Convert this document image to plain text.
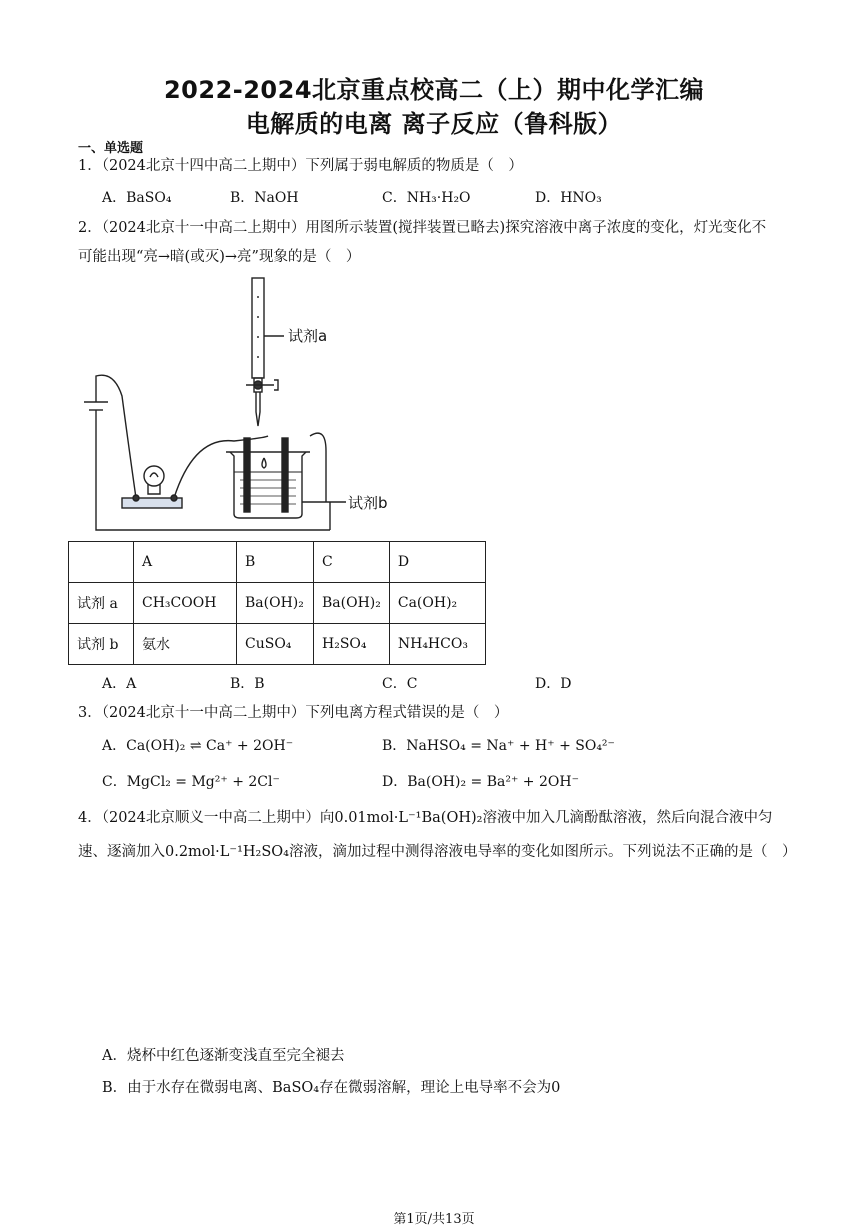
2022-2024北京重点校高二（上）期中化学汇编
电解质的电离 离子反应（鲁科版）
一、单选题
1．（2024北京十四中高二上期中）下列属于弱电解质的物质是（　）
A．BaSO₄	B．NaOH	C．NH₃·H₂O	D．HNO₃
2．（2024北京十一中高二上期中）用图所示装置(搅拌装置已略去)探究溶液中离子浓度的变化，灯光变化不
可能出现“亮→暗(或灭)→亮”现象的是（　）
试剂a
试剂b
	A	B	C	D
试剂 a	CH₃COOH	Ba(OH)₂	Ba(OH)₂	Ca(OH)₂
试剂 b	氨水	CuSO₄	H₂SO₄	NH₄HCO₃
A．A	B．B	C．C	D．D
3．（2024北京十一中高二上期中）下列电离方程式错误的是（　）
A．Ca(OH)₂ ⇌ Ca⁺ + 2OH⁻	B．NaHSO₄ = Na⁺ + H⁺ + SO₄²⁻
C．MgCl₂ = Mg²⁺ + 2Cl⁻	D．Ba(OH)₂ = Ba²⁺ + 2OH⁻
4．（2024北京顺义一中高二上期中）向0.01mol·L⁻¹Ba(OH)₂溶液中加入几滴酚酞溶液，然后向混合液中匀
速、逐滴加入0.2mol·L⁻¹H₂SO₄溶液，滴加过程中测得溶液电导率的变化如图所示。下列说法不正确的是（　）
A．烧杯中红色逐渐变浅直至完全褪去
B．由于水存在微弱电离、BaSO₄存在微弱溶解，理论上电导率不会为0
第1页/共13页
